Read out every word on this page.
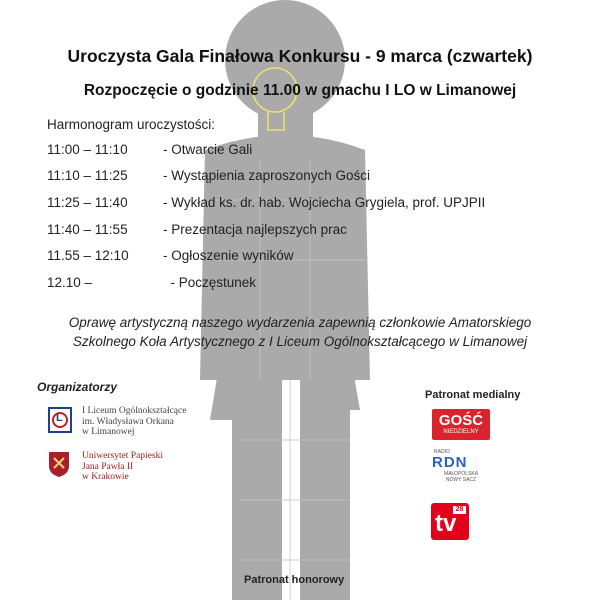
Uroczysta Gala Finałowa Konkursu - 9 marca (czwartek)
Rozpoczęcie o godzinie 11.00 w gmachu I LO w Limanowej
Harmonogram uroczystości:
11:00 – 11:10	- Otwarcie Gali
11:10 – 11:25	- Wystąpienia zaproszonych Gości
11:25 – 11:40	- Wykład ks. dr. hab. Wojciecha Grygiela, prof. UPJPII
11:40 – 11:55	- Prezentacja najlepszych prac
11.55 – 12:10	- Ogłoszenie wyników
12.10 –	- Poczęstunek
Oprawę artystyczną naszego wydarzenia zapewnią członkowie Amatorskiego
Szkolnego Koła Artystycznego z I Liceum Ogólnokształcącego w Limanowej
Organizatorzy
L
I Liceum Ogólnokształcące
im. Władysława Orkana
w Limanowej
Uniwersytet Papieski
Jana Pawła II
w Krakowie
Patronat medialny
GOŚĆ
NIEDZIELNY
RADIO
RDN
MAŁOPOLSKA
NOWY SĄCZ
28
tv
Patronat honorowy
